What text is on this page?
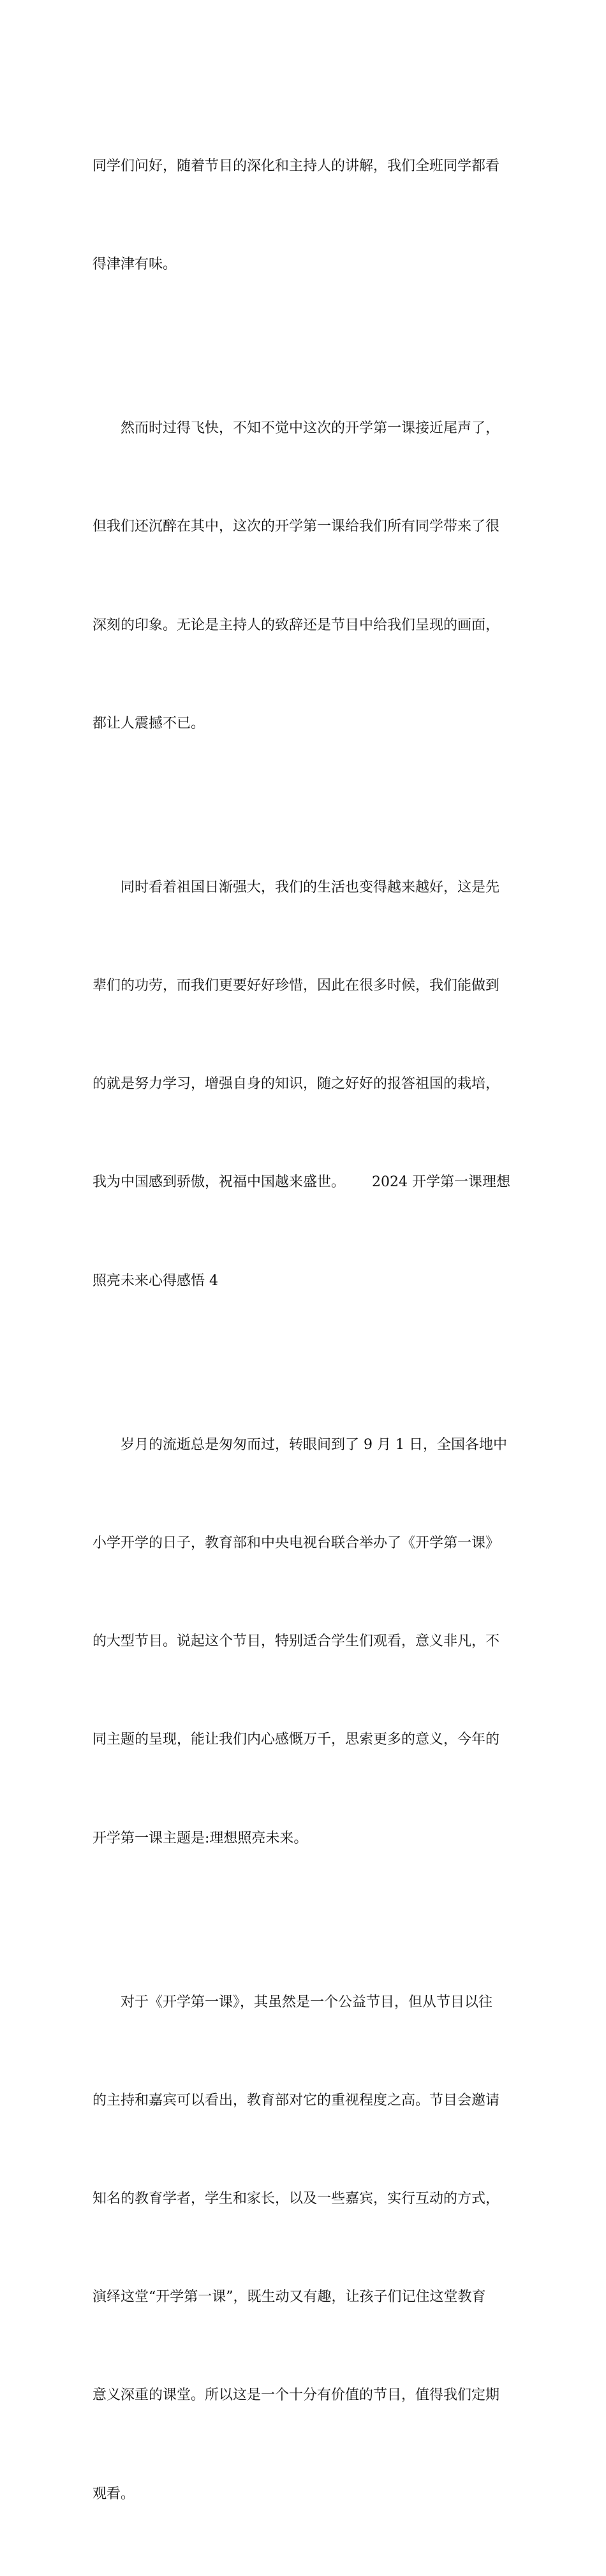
同学们问好，随着节目的深化和主持人的讲解，我们全班同学都看

得津津有味。

然而时过得飞快，不知不觉中这次的开学第一课接近尾声了，

但我们还沉醉在其中，这次的开学第一课给我们所有同学带来了很

深刻的印象。无论是主持人的致辞还是节目中给我们呈现的画面，

都让人震撼不已。

同时看着祖国日渐强大，我们的生活也变得越来越好，这是先

辈们的功劳，而我们更要好好珍惜，因此在很多时候，我们能做到

的就是努力学习，增强自身的知识，随之好好的报答祖国的栽培，

我为中国感到骄傲，祝福中国越来盛世。      2024 开学第一课理想

照亮未来心得感悟 4

岁月的流逝总是匆匆而过，转眼间到了 9 月 1 日，全国各地中

小学开学的日子，教育部和中央电视台联合举办了《开学第一课》

的大型节目。说起这个节目，特别适合学生们观看，意义非凡，不

同主题的呈现，能让我们内心感慨万千，思索更多的意义，今年的

开学第一课主题是:理想照亮未来。

对于《开学第一课》，其虽然是一个公益节目，但从节目以往

的主持和嘉宾可以看出，教育部对它的重视程度之高。节目会邀请

知名的教育学者，学生和家长，以及一些嘉宾，实行互动的方式，

演绎这堂“开学第一课”，既生动又有趣，让孩子们记住这堂教育

意义深重的课堂。所以这是一个十分有价值的节目，值得我们定期

观看。
